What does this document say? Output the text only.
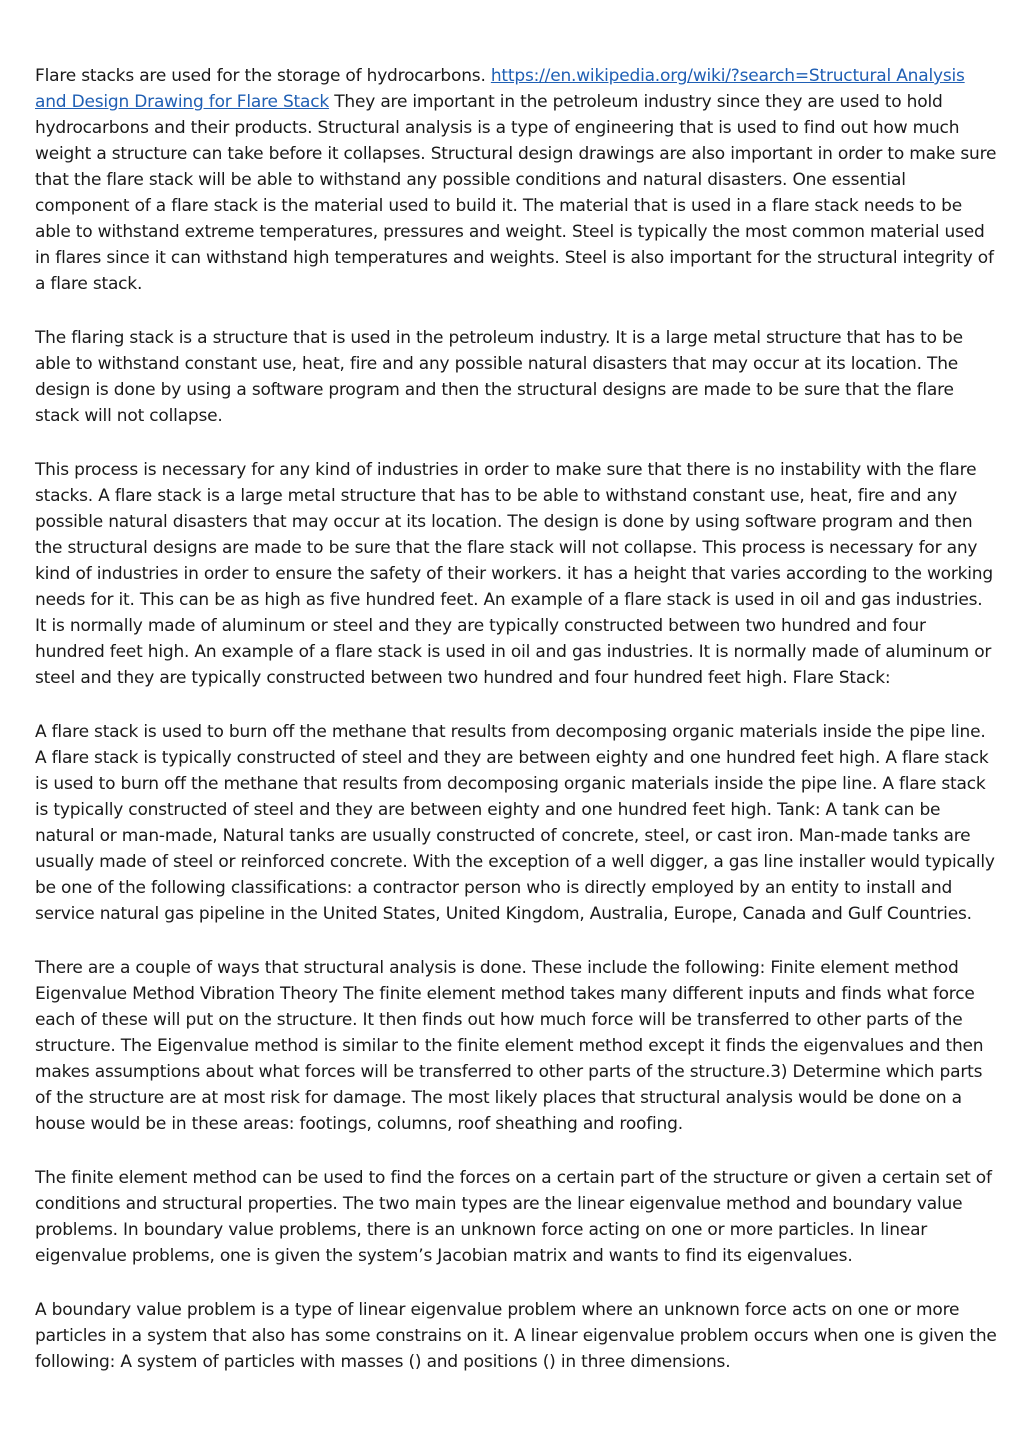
Flare stacks are used for the storage of hydrocarbons. https://en.wikipedia.org/wiki/?search=Structural Analysis and Design Drawing for Flare Stack They are important in the petroleum industry since they are used to hold hydrocarbons and their products. Structural analysis is a type of engineering that is used to find out how much weight a structure can take before it collapses. Structural design drawings are also important in order to make sure that the flare stack will be able to withstand any possible conditions and natural disasters. One essential component of a flare stack is the material used to build it. The material that is used in a flare stack needs to be able to withstand extreme temperatures, pressures and weight. Steel is typically the most common material used in flares since it can withstand high temperatures and weights. Steel is also important for the structural integrity of a flare stack.

The flaring stack is a structure that is used in the petroleum industry. It is a large metal structure that has to be able to withstand constant use, heat, fire and any possible natural disasters that may occur at its location. The design is done by using a software program and then the structural designs are made to be sure that the flare stack will not collapse.

This process is necessary for any kind of industries in order to make sure that there is no instability with the flare stacks. A flare stack is a large metal structure that has to be able to withstand constant use, heat, fire and any possible natural disasters that may occur at its location. The design is done by using software program and then the structural designs are made to be sure that the flare stack will not collapse. This process is necessary for any kind of industries in order to ensure the safety of their workers. it has a height that varies according to the working needs for it. This can be as high as five hundred feet. An example of a flare stack is used in oil and gas industries. It is normally made of aluminum or steel and they are typically constructed between two hundred and four hundred feet high. An example of a flare stack is used in oil and gas industries. It is normally made of aluminum or steel and they are typically constructed between two hundred and four hundred feet high. Flare Stack:

A flare stack is used to burn off the methane that results from decomposing organic materials inside the pipe line. A flare stack is typically constructed of steel and they are between eighty and one hundred feet high. A flare stack is used to burn off the methane that results from decomposing organic materials inside the pipe line. A flare stack is typically constructed of steel and they are between eighty and one hundred feet high. Tank: A tank can be natural or man-made, Natural tanks are usually constructed of concrete, steel, or cast iron. Man-made tanks are usually made of steel or reinforced concrete. With the exception of a well digger, a gas line installer would typically be one of the following classifications: a contractor person who is directly employed by an entity to install and service natural gas pipeline in the United States, United Kingdom, Australia, Europe, Canada and Gulf Countries.

There are a couple of ways that structural analysis is done. These include the following: Finite element method Eigenvalue Method Vibration Theory The finite element method takes many different inputs and finds what force each of these will put on the structure. It then finds out how much force will be transferred to other parts of the structure. The Eigenvalue method is similar to the finite element method except it finds the eigenvalues and then makes assumptions about what forces will be transferred to other parts of the structure.3) Determine which parts of the structure are at most risk for damage. The most likely places that structural analysis would be done on a house would be in these areas: footings, columns, roof sheathing and roofing.

The finite element method can be used to find the forces on a certain part of the structure or given a certain set of conditions and structural properties. The two main types are the linear eigenvalue method and boundary value problems. In boundary value problems, there is an unknown force acting on one or more particles. In linear eigenvalue problems, one is given the system’s Jacobian matrix and wants to find its eigenvalues.

A boundary value problem is a type of linear eigenvalue problem where an unknown force acts on one or more particles in a system that also has some constrains on it. A linear eigenvalue problem occurs when one is given the following: A system of particles with masses () and positions () in three dimensions.
